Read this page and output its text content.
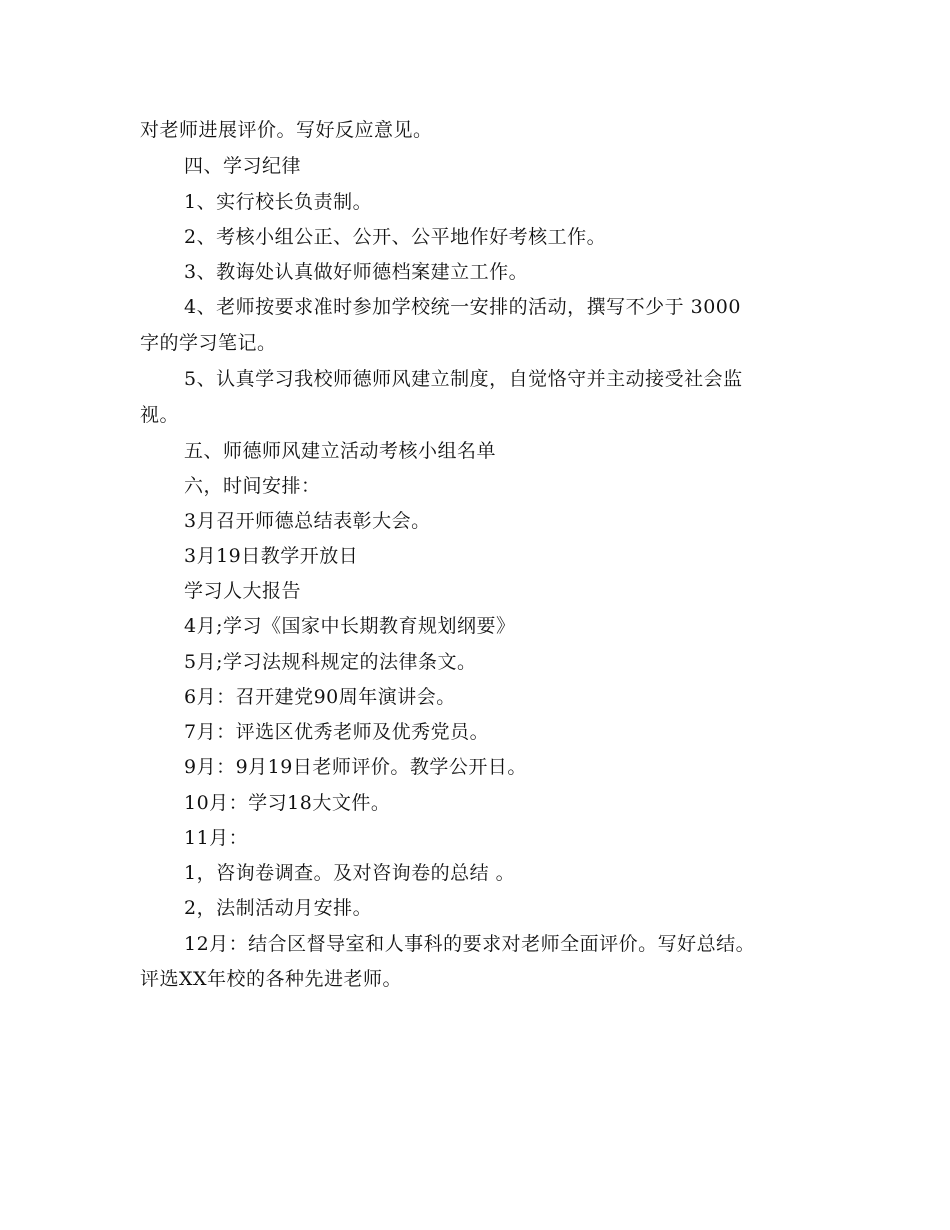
对老师进展评价。写好反应意见。
四、学习纪律
1、实行校长负责制。
2、考核小组公正、公开、公平地作好考核工作。
3、教诲处认真做好师德档案建立工作。
4、老师按要求准时参加学校统一安排的活动，撰写不少于 3000
字的学习笔记。
5、认真学习我校师德师风建立制度，自觉恪守并主动接受社会监
视。
五、师德师风建立活动考核小组名单
六，时间安排：
3月召开师德总结表彰大会。
3月19日教学开放日
学习人大报告
4月;学习《国家中长期教育规划纲要》
5月;学习法规科规定的法律条文。
6月：召开建党90周年演讲会。
7月：评选区优秀老师及优秀党员。
9月：9月19日老师评价。教学公开日。
10月：学习18大文件。
11月：
1，咨询卷调查。及对咨询卷的总结 。
2，法制活动月安排。
12月：结合区督导室和人事科的要求对老师全面评价。写好总结。
评选XX年校的各种先进老师。
